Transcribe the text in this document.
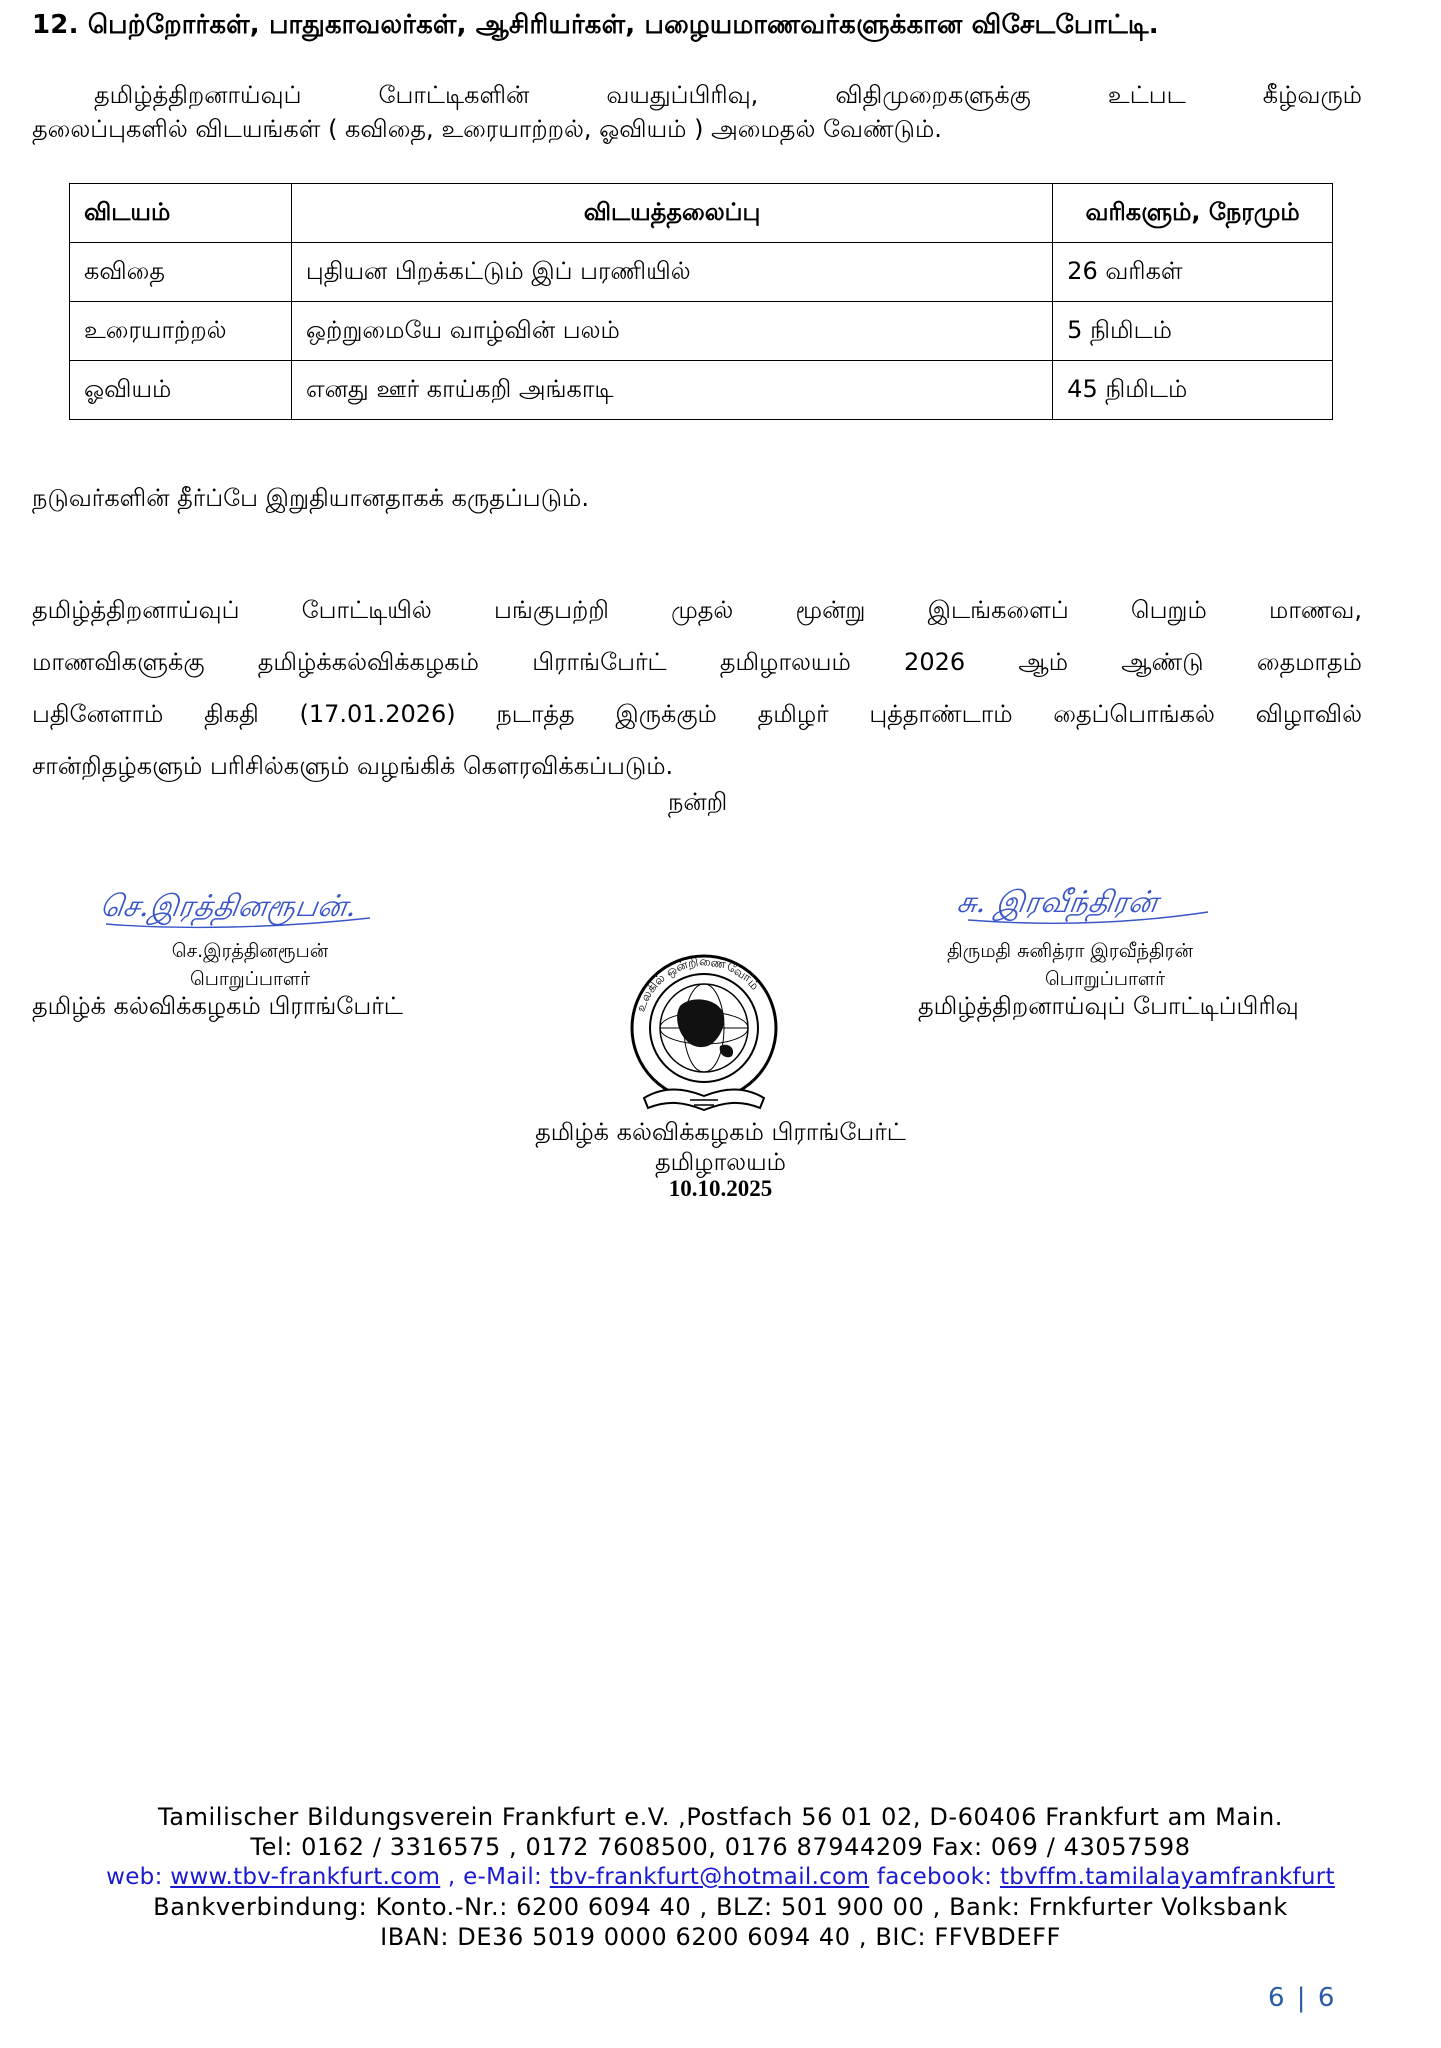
12. பெற்றோர்கள், பாதுகாவலர்கள், ஆசிரியர்கள், பழையமாணவர்களுக்கான விசேடபோட்டி.
தமிழ்த்திறனாய்வுப் போட்டிகளின் வயதுப்பிரிவு, விதிமுறைகளுக்கு உட்பட கீழ்வரும்
தலைப்புகளில் விடயங்கள் ( கவிதை, உரையாற்றல், ஓவியம் ) அமைதல் வேண்டும்.
விடயம்	விடயத்தலைப்பு	வரிகளும், நேரமும்
கவிதை	புதியன பிறக்கட்டும் இப் பரணியில்	26 வரிகள்
உரையாற்றல்	ஒற்றுமையே வாழ்வின் பலம்	5 நிமிடம்
ஓவியம்	எனது ஊர் காய்கறி அங்காடி	45 நிமிடம்
நடுவர்களின் தீர்ப்பே இறுதியானதாகக் கருதப்படும்.
தமிழ்த்திறனாய்வுப் போட்டியில் பங்குபற்றி முதல் மூன்று இடங்களைப் பெறும் மாணவ,
மாணவிகளுக்கு தமிழ்க்கல்விக்கழகம் பிராங்பேர்ட் தமிழாலயம் 2026 ஆம் ஆண்டு தைமாதம்
பதினேளாம் திகதி (17.01.2026) நடாத்த இருக்கும் தமிழர் புத்தாண்டாம் தைப்பொங்கல் விழாவில்
சான்றிதழ்களும் பரிசில்களும் வழங்கிக் கௌரவிக்கப்படும்.
நன்றி
செ.இரத்தினரூபன்.
செ.இரத்தினரூபன்
பொறுப்பாளர்
தமிழ்க் கல்விக்கழகம் பிராங்பேர்ட்
சு. இரவீந்திரன்
திருமதி சுனித்ரா இரவீந்திரன்
பொறுப்பாளர்
தமிழ்த்திறனாய்வுப் போட்டிப்பிரிவு
உலகில் ஒன்றிணைவோம்
தமிழ்க் கல்விக்கழகம் பிராங்பேர்ட்
தமிழாலயம்
10.10.2025
Tamilischer Bildungsverein Frankfurt e.V. ,Postfach 56 01 02, D-60406 Frankfurt am Main.
Tel: 0162 / 3316575 , 0172 7608500, 0176 87944209 Fax: 069 / 43057598
web: www.tbv-frankfurt.com , e-Mail: tbv-frankfurt@hotmail.com facebook: tbvffm.tamilalayamfrankfurt
Bankverbindung: Konto.-Nr.: 6200 6094 40 , BLZ: 501 900 00 , Bank: Frnkfurter Volksbank
IBAN: DE36 5019 0000 6200 6094 40 , BIC: FFVBDEFF
6 | 6
